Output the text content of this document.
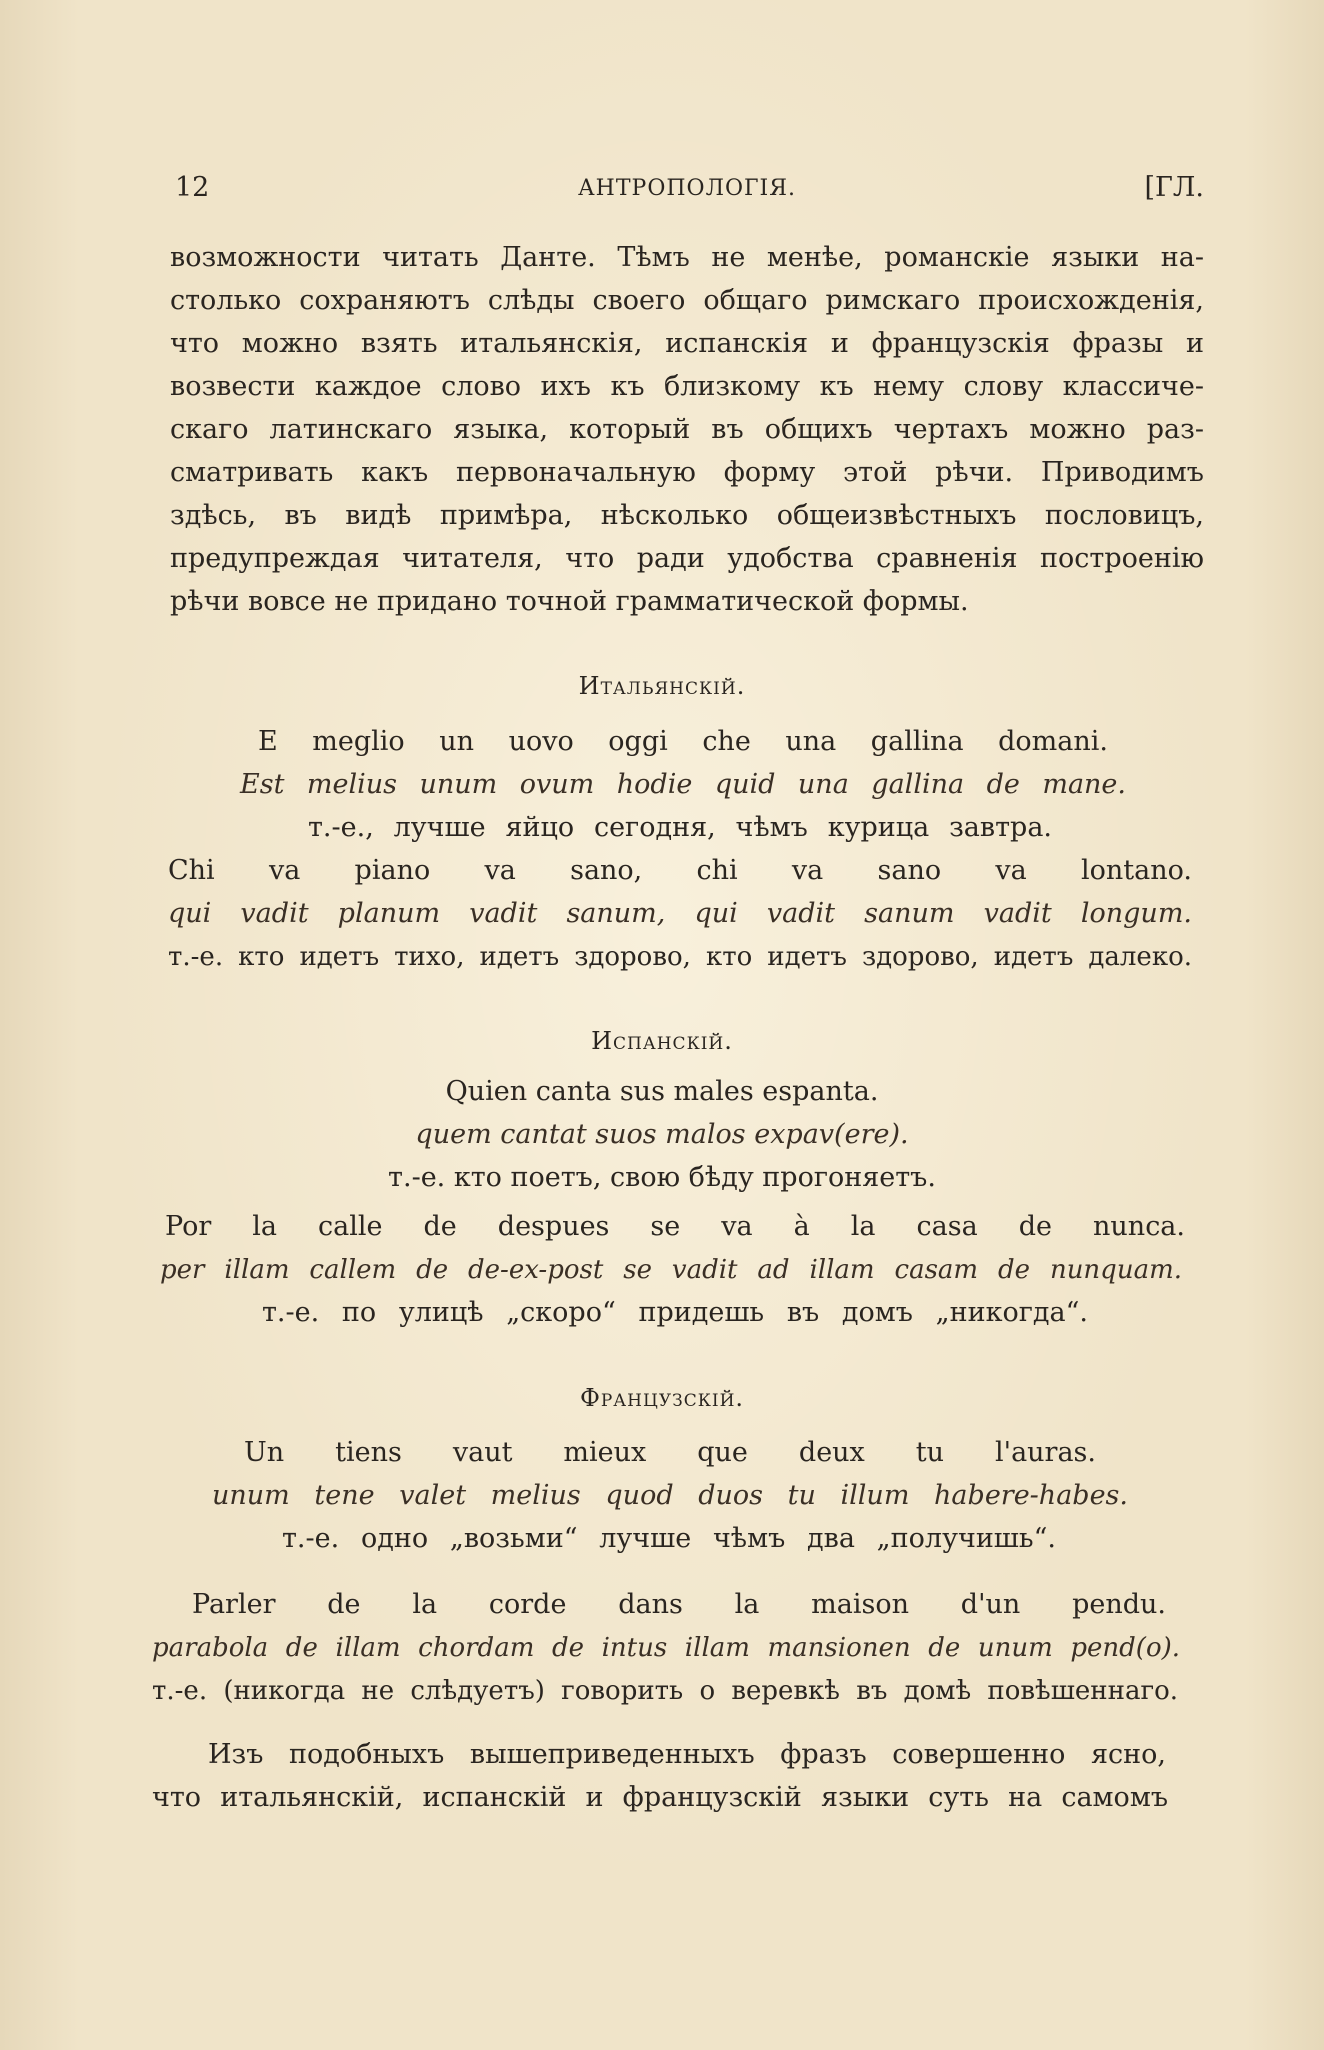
12	АНТРОПОЛОГІЯ.	[ГЛ.
возможности читать Данте. Тѣмъ не менѣе, романскіе языки на-
столько сохраняютъ слѣды своего общаго римскаго происхожденія,
что можно взять итальянскія, испанскія и французскія фразы и
возвести каждое слово ихъ къ близкому къ нему слову классиче-
скаго латинскаго языка, который въ общихъ чертахъ можно раз-
сматривать какъ первоначальную форму этой рѣчи. Приводимъ
здѣсь, въ видѣ примѣра, нѣсколько общеизвѣстныхъ пословицъ,
предупреждая читателя, что ради удобства сравненія построенію
рѣчи вовсе не придано точной грамматической формы.
Итальянскій.
E meglio un uovo oggi che una gallina domani.
Est melius unum ovum hodie quid una gallina de mane.
т.-е., лучше яйцо сегодня, чѣмъ курица завтра.
Chi va piano va sano, chi va sano va lontano.
qui vadit planum vadit sanum, qui vadit sanum vadit longum.
т.-е. кто идетъ тихо, идетъ здорово, кто идетъ здорово, идетъ далеко.
Испанскій.
Quien canta sus males espanta.
quem cantat suos malos expav(ere).
т.-е. кто поетъ, свою бѣду прогоняетъ.
Por la calle de despues se va à la casa de nunca.
per illam callem de de-ex-post se vadit ad illam casam de nunquam.
т.-е. по улицѣ „скоро“ придешь въ домъ „никогда“.
Французскій.
Un tiens vaut mieux que deux tu l'auras.
unum tene valet melius quod duos tu illum habere-habes.
т.-е. одно „возьми“ лучше чѣмъ два „получишь“.
Parler de la corde dans la maison d'un pendu.
parabola de illam chordam de intus illam mansionen de unum pend(o).
т.-е. (никогда не слѣдуетъ) говорить о веревкѣ въ домѣ повѣшеннаго.
Изъ подобныхъ вышеприведенныхъ фразъ совершенно ясно,
что итальянскій, испанскій и французскій языки суть на самомъ
